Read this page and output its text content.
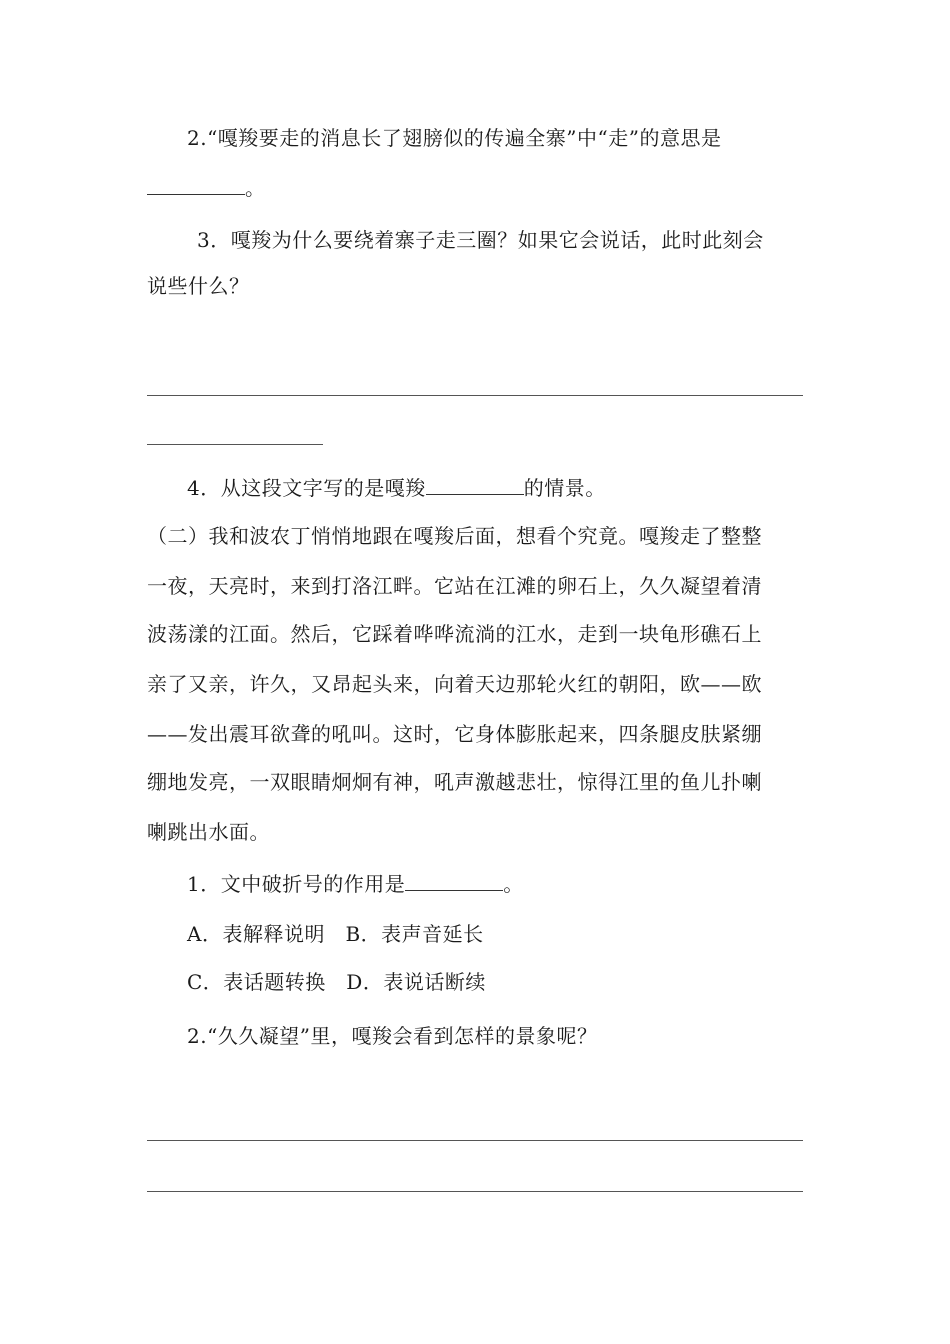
2.“嘎羧要走的消息长了翅膀似的传遍全寨”中“走”的意思是
。
3．嘎羧为什么要绕着寨子走三圈？如果它会说话，此时此刻会
说些什么？
4．从这段文字写的是嘎羧	的情景。
（二）我和波农丁悄悄地跟在嘎羧后面，想看个究竟。嘎羧走了整整
一夜，天亮时，来到打洛江畔。它站在江滩的卵石上，久久凝望着清
波荡漾的江面。然后，它踩着哗哗流淌的江水，走到一块龟形礁石上
亲了又亲，许久，又昂起头来，向着天边那轮火红的朝阳，欧——欧
——发出震耳欲聋的吼叫。这时，它身体膨胀起来，四条腿皮肤紧绷
绷地发亮，一双眼睛炯炯有神，吼声激越悲壮，惊得江里的鱼儿扑喇
喇跳出水面。
1．文中破折号的作用是	。
A．表解释说明　B．表声音延长
C．表话题转换　D．表说话断续
2.“久久凝望”里，嘎羧会看到怎样的景象呢？
